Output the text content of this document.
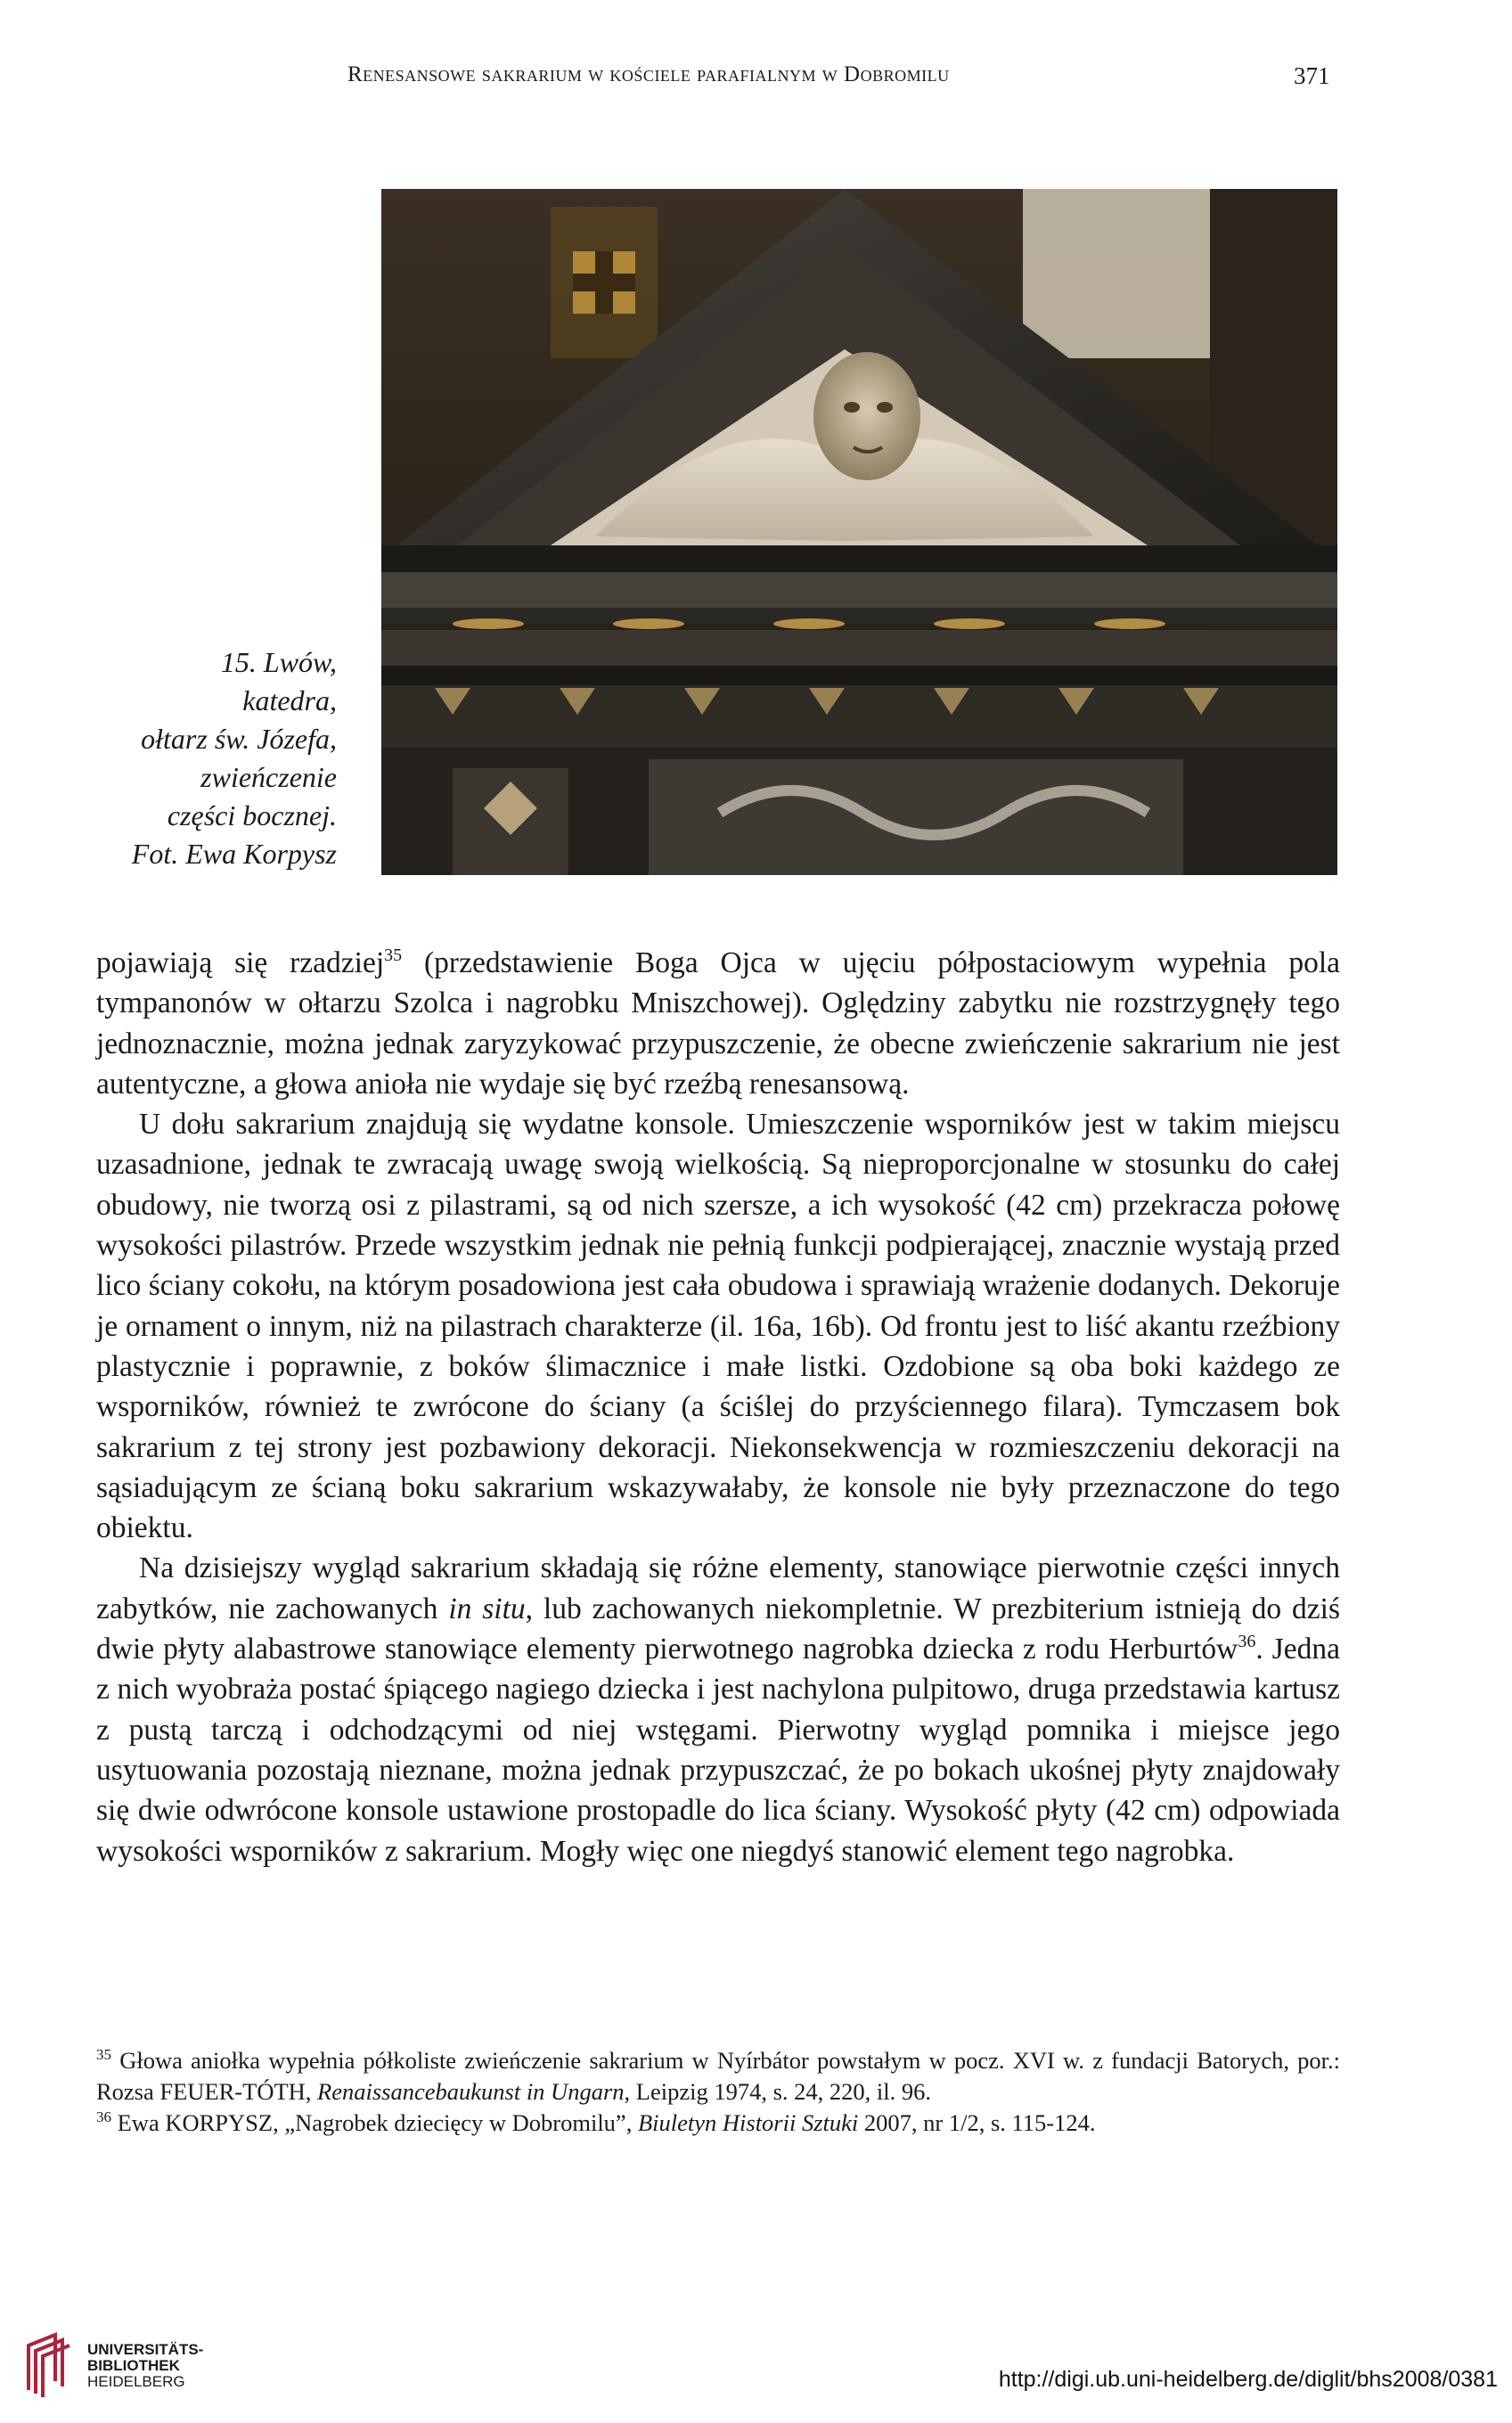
Renesansowe sakrarium w kościele parafialnym w Dobromilu	371
15. Lwów,
katedra,
ołtarz św. Józefa,
zwieńczenie
części bocznej.
Fot. Ewa Korpysz

pojawiają się rzadziej$^{35}$ (przedstawienie Boga Ojca w ujęciu półpostaciowym wypełnia pola tympanonów w ołtarzu Szolca i nagrobku Mniszchowej). Oględziny zabytku nie rozstrzygnęły tego jednoznacznie, można jednak zaryzykować przypuszczenie, że obecne zwieńczenie sakrarium nie jest autentyczne, a głowa anioła nie wydaje się być rzeźbą renesansową.

U dołu sakrarium znajdują się wydatne konsole. Umieszczenie wsporników jest w takim miejscu uzasadnione, jednak te zwracają uwagę swoją wielkością. Są nieproporcjonalne w stosunku do całej obudowy, nie tworzą osi z pilastrami, są od nich szersze, a ich wysokość (42 cm) przekracza połowę wysokości pilastrów. Przede wszystkim jednak nie pełnią funkcji podpierającej, znacznie wystają przed lico ściany cokołu, na którym posadowiona jest cała obudowa i sprawiają wrażenie dodanych. Dekoruje je ornament o innym, niż na pilastrach charakterze (il. 16a, 16b). Od frontu jest to liść akantu rzeźbiony plastycznie i poprawnie, z boków ślimacznice i małe listki. Ozdobione są oba boki każdego ze wsporników, również te zwrócone do ściany (a ściślej do przyściennego filara). Tymczasem bok sakrarium z tej strony jest pozbawiony dekoracji. Niekonsekwencja w rozmieszczeniu dekoracji na sąsiadującym ze ścianą boku sakrarium wskazywałaby, że konsole nie były przeznaczone do tego obiektu.

Na dzisiejszy wygląd sakrarium składają się różne elementy, stanowiące pierwotnie części innych zabytków, nie zachowanych in situ, lub zachowanych niekompletnie. W prezbiterium istnieją do dziś dwie płyty alabastrowe stanowiące elementy pierwotnego nagrobka dziecka z rodu Herburtów$^{36}$. Jedna z nich wyobraża postać śpiącego nagiego dziecka i jest nachylona pulpitowo, druga przedstawia kartusz z pustą tarczą i odchodzącymi od niej wstęgami. Pierwotny wygląd pomnika i miejsce jego usytuowania pozostają nieznane, można jednak przypuszczać, że po bokach ukośnej płyty znajdowały się dwie odwrócone konsole ustawione prostopadle do lica ściany. Wysokość płyty (42 cm) odpowiada wysokości wsporników z sakrarium. Mogły więc one niegdyś stanowić element tego nagrobka.

$^{35}$ Głowa aniołka wypełnia półkoliste zwieńczenie sakrarium w Nyírbátor powstałym w pocz. XVI w. z fundacji Batorych, por.: Rozsa FEUER-TÓTH, Renaissancebaukunst in Ungarn, Leipzig 1974, s. 24, 220, il. 96.

$^{36}$ Ewa KORPYSZ, „Nagrobek dziecięcy w Dobromilu”, Biuletyn Historii Sztuki 2007, nr 1/2, s. 115-124.

UNIVERSITÄTS-
BIBLIOTHEK
HEIDELBERG	http://digi.ub.uni-heidelberg.de/diglit/bhs2008/0381
